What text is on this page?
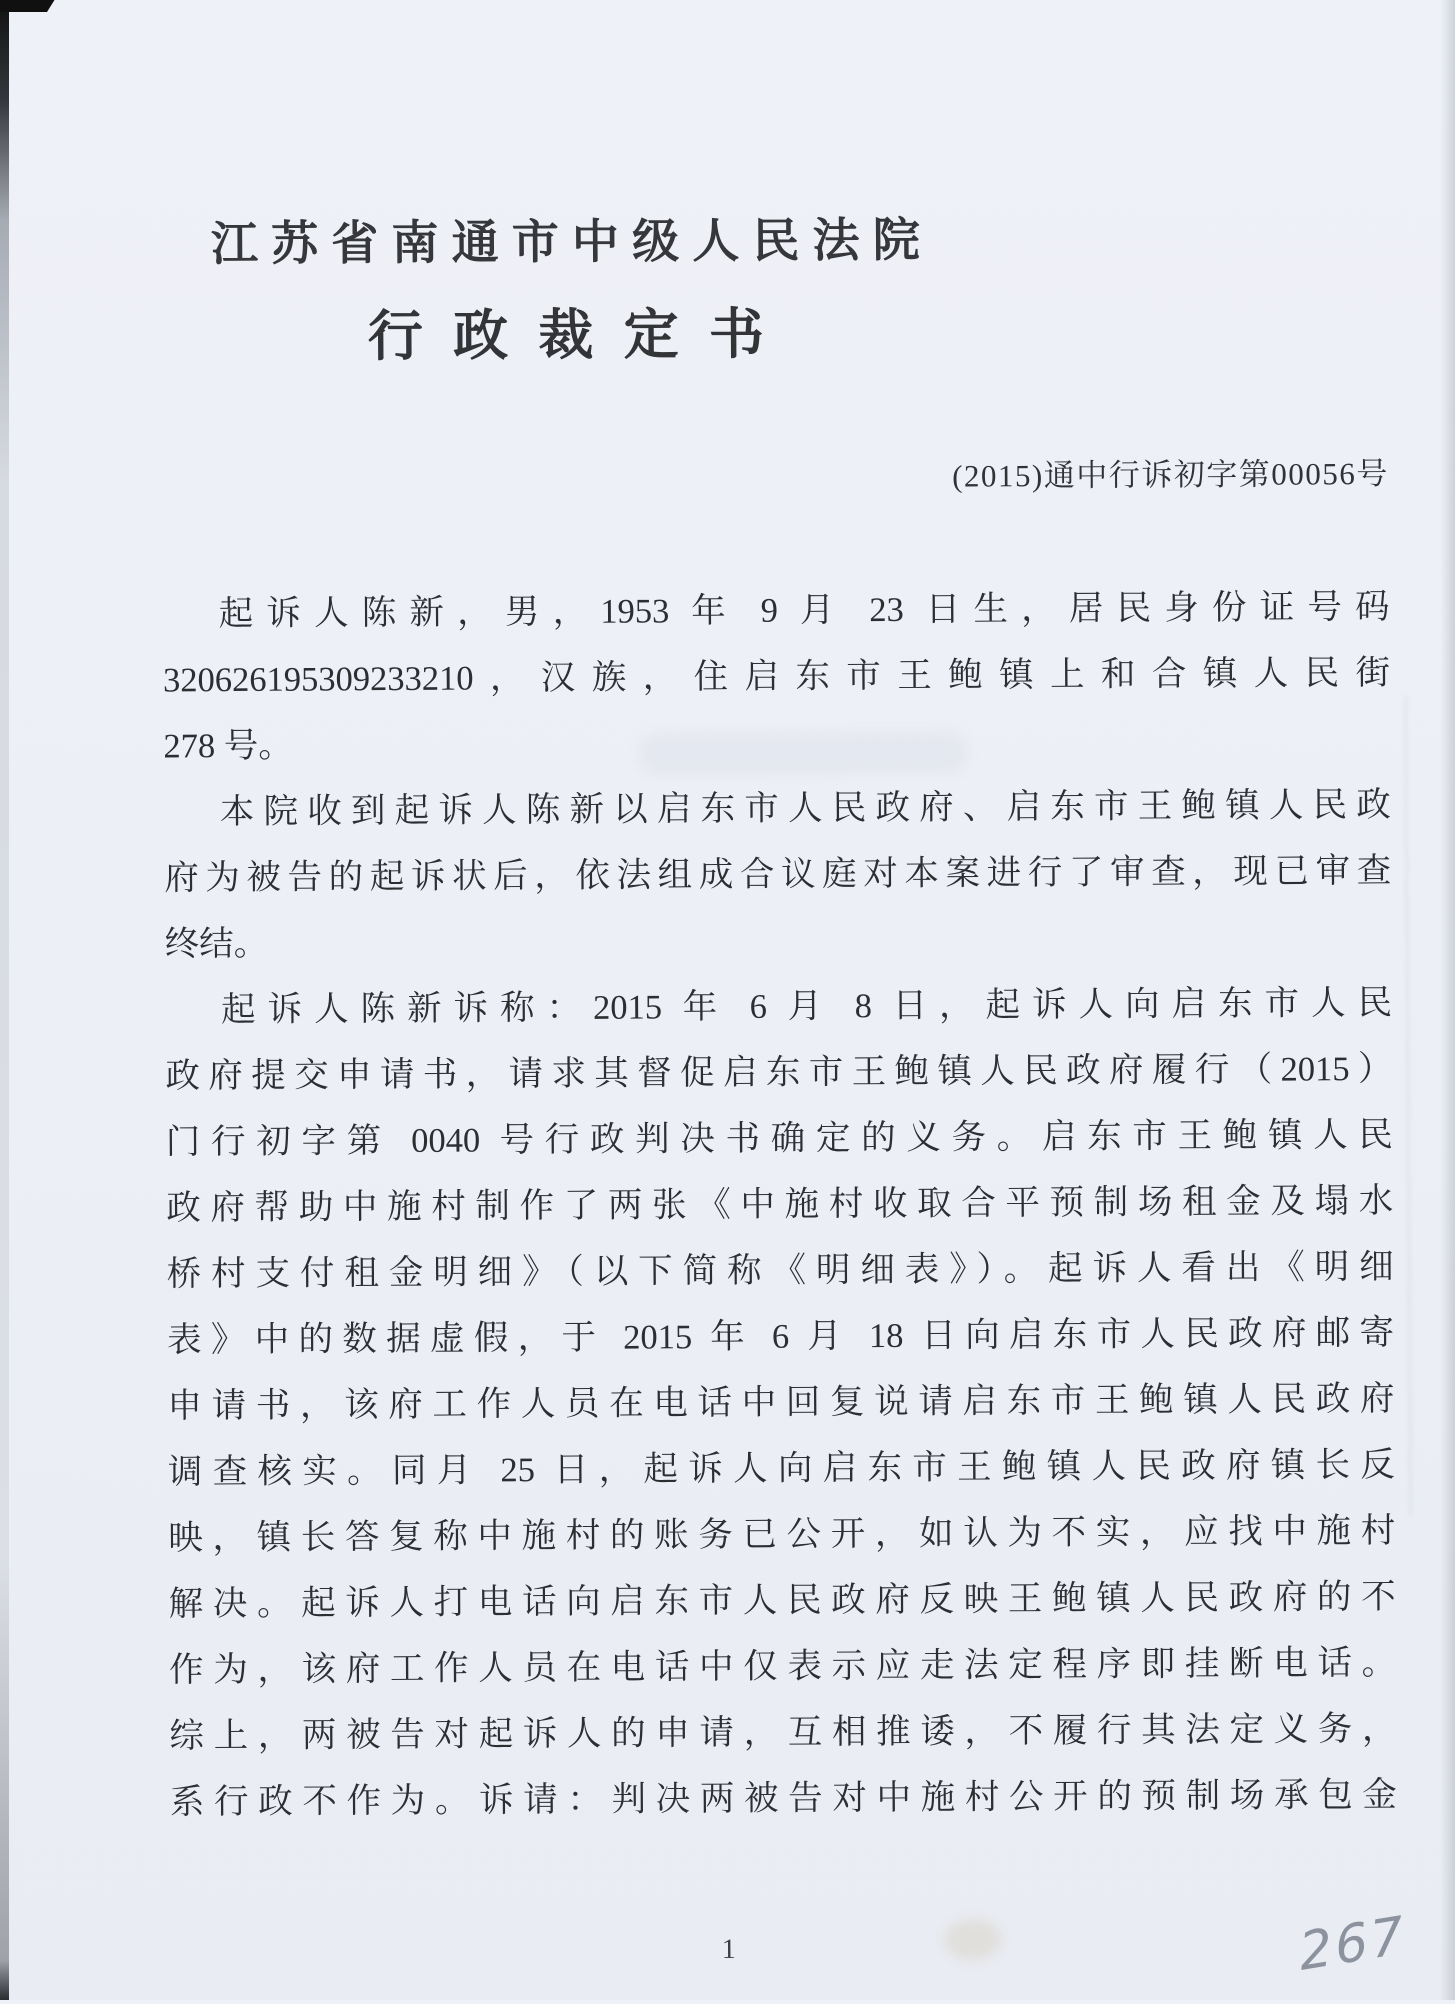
江苏省南通市中级人民法院
行政裁定书
(2015)通中行诉初字第00056号
起诉人陈新，男，1953 年 9 月 23 日生，居民身份证号码
320626195309233210，汉族，住启东市王鲍镇上和合镇人民街
278 号。
本院收到起诉人陈新以启东市人民政府、启东市王鲍镇人民政
府为被告的起诉状后，依法组成合议庭对本案进行了审查，现已审查
终结。
起诉人陈新诉称：2015 年 6 月 8 日，起诉人向启东市人民
政府提交申请书，请求其督促启东市王鲍镇人民政府履行（2015）
门行初字第 0040 号行政判决书确定的义务。启东市王鲍镇人民
政府帮助中施村制作了两张《中施村收取合平预制场租金及塌水
桥村支付租金明细》（以下简称《明细表》）。起诉人看出《明细
表》中的数据虚假，于 2015 年 6 月 18 日向启东市人民政府邮寄
申请书，该府工作人员在电话中回复说请启东市王鲍镇人民政府
调查核实。同月 25 日，起诉人向启东市王鲍镇人民政府镇长反
映，镇长答复称中施村的账务已公开，如认为不实，应找中施村
解决。起诉人打电话向启东市人民政府反映王鲍镇人民政府的不
作为，该府工作人员在电话中仅表示应走法定程序即挂断电话。
综上，两被告对起诉人的申请，互相推诿，不履行其法定义务，
系行政不作为。诉请：判决两被告对中施村公开的预制场承包金
1	267
